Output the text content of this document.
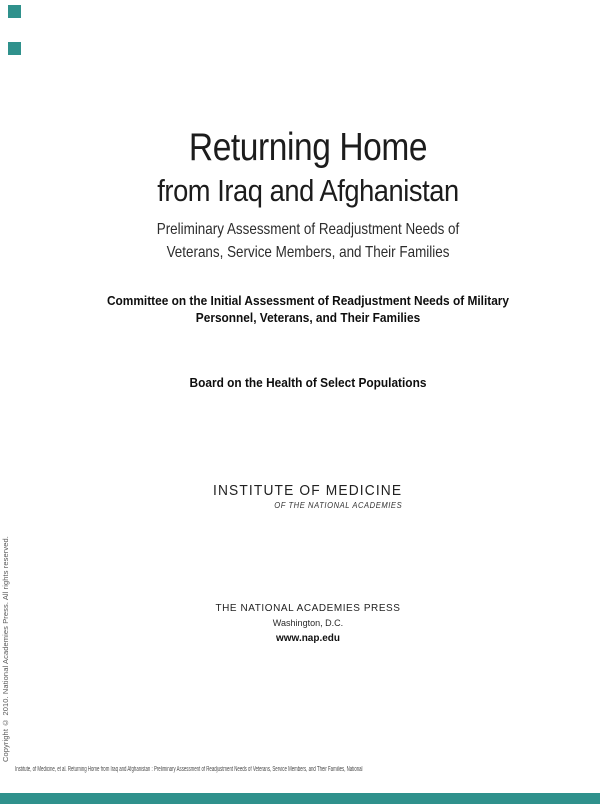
Copyright © 2010. National Academies Press. All rights reserved.
Returning Home
from Iraq and Afghanistan
Preliminary Assessment of Readjustment Needs of
Veterans, Service Members, and Their Families
Committee on the Initial Assessment of Readjustment Needs of Military
Personnel, Veterans, and Their Families
Board on the Health of Select Populations
INSTITUTE OF MEDICINE
OF THE NATIONAL ACADEMIES
THE NATIONAL ACADEMIES PRESS
Washington, D.C.
www.nap.edu
Institute, of Medicine, et al. Returning Home from Iraq and Afghanistan : Preliminary Assessment of Readjustment Needs of Veterans, Service Members, and Their Families, National
